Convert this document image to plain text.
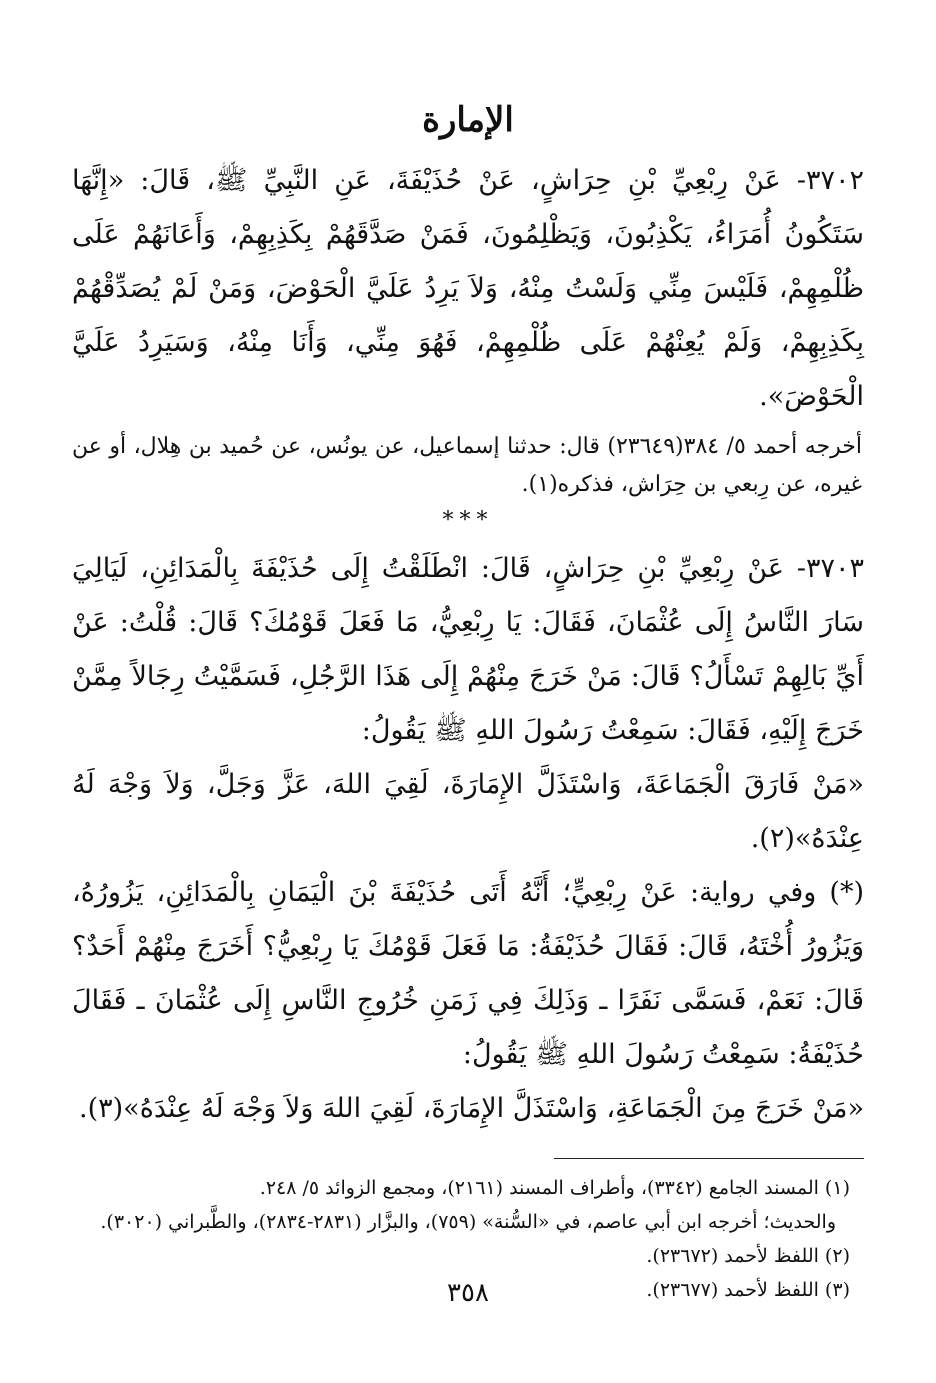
الإمارة

٣٧٠٢- عَنْ رِبْعِيِّ بْنِ حِرَاشٍ، عَنْ حُذَيْفَةَ، عَنِ النَّبِيِّ ﷺ، قَالَ: «إِنَّهَا سَتَكُونُ أُمَرَاءُ، يَكْذِبُونَ، وَيَظْلِمُونَ، فَمَنْ صَدَّقَهُمْ بِكَذِبِهِمْ، وَأَعَانَهُمْ عَلَى ظُلْمِهِمْ، فَلَيْسَ مِنِّي وَلَسْتُ مِنْهُ، وَلاَ يَرِدُ عَلَيَّ الْحَوْضَ، وَمَنْ لَمْ يُصَدِّقْهُمْ بِكَذِبِهِمْ، وَلَمْ يُعِنْهُمْ عَلَى ظُلْمِهِمْ، فَهُوَ مِنِّي، وَأَنَا مِنْهُ، وَسَيَرِدُ عَلَيَّ الْحَوْضَ».

أخرجه أحمد ٥/ ٣٨٤(٢٣٦٤٩) قال: حدثنا إسماعيل، عن يونُس، عن حُميد بن هِلال، أو عن غيره، عن رِبعي بن حِرَاش، فذكره(١).

***

٣٧٠٣- عَنْ رِبْعِيِّ بْنِ حِرَاشٍ، قَالَ: انْطَلَقْتُ إِلَى حُذَيْفَةَ بِالْمَدَائِنِ، لَيَالِيَ سَارَ النَّاسُ إِلَى عُثْمَانَ، فَقَالَ: يَا رِبْعِيُّ، مَا فَعَلَ قَوْمُكَ؟ قَالَ: قُلْتُ: عَنْ أَيِّ بَالِهِمْ تَسْأَلُ؟ قَالَ: مَنْ خَرَجَ مِنْهُمْ إِلَى هَذَا الرَّجُلِ، فَسَمَّيْتُ رِجَالاً مِمَّنْ خَرَجَ إِلَيْهِ، فَقَالَ: سَمِعْتُ رَسُولَ اللهِ ﷺ يَقُولُ:

«مَنْ فَارَقَ الْجَمَاعَةَ، وَاسْتَذَلَّ الإِمَارَةَ، لَقِيَ اللهَ، عَزَّ وَجَلَّ، وَلاَ وَجْهَ لَهُ عِنْدَهُ»(٢).

(*) وفي رواية: عَنْ رِبْعِيٍّ؛ أَنَّهُ أَتَى حُذَيْفَةَ بْنَ الْيَمَانِ بِالْمَدَائِنِ، يَزُورُهُ، وَيَزُورُ أُخْتَهُ، قَالَ: فَقَالَ حُذَيْفَةُ: مَا فَعَلَ قَوْمُكَ يَا رِبْعِيُّ؟ أَخَرَجَ مِنْهُمْ أَحَدٌ؟ قَالَ: نَعَمْ، فَسَمَّى نَفَرًا ـ وَذَلِكَ فِي زَمَنِ خُرُوجِ النَّاسِ إِلَى عُثْمَانَ ـ فَقَالَ حُذَيْفَةُ: سَمِعْتُ رَسُولَ اللهِ ﷺ يَقُولُ:

«مَنْ خَرَجَ مِنَ الْجَمَاعَةِ، وَاسْتَذَلَّ الإِمَارَةَ، لَقِيَ اللهَ وَلاَ وَجْهَ لَهُ عِنْدَهُ»(٣).

(١) المسند الجامع (٣٣٤٢)، وأطراف المسند (٢١٦١)، ومجمع الزوائد ٥/ ٢٤٨.

والحديث؛ أخرجه ابن أبي عاصم، في «السُّنة» (٧٥٩)، والبزَّار (٢٨٣١-٢٨٣٤)، والطَّبراني (٣٠٢٠).

(٢) اللفظ لأحمد (٢٣٦٧٢).

(٣) اللفظ لأحمد (٢٣٦٧٧).

٣٥٨
